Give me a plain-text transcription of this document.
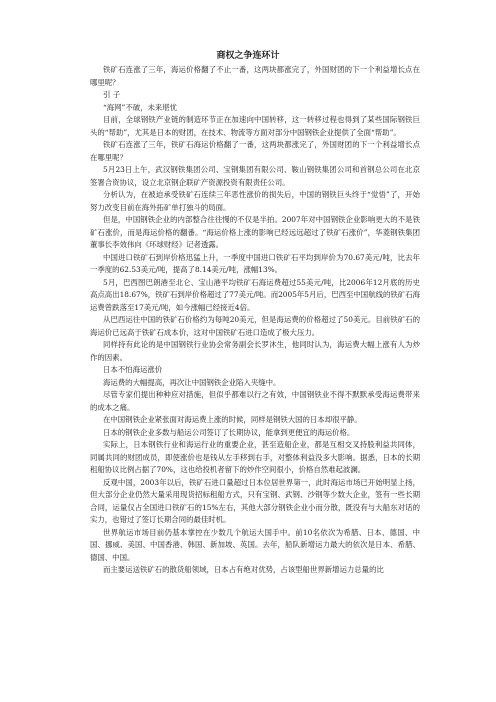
商权之争连环计

铁矿石连涨了三年，海运价格翻了不止一番，这两块都涨完了，外国财团的下一个利益增长点在哪里呢？

引 子

“海网”不破，未来堪忧

目前，全球钢铁产业链的制造环节正在加速向中国转移，这一转移过程也得到了某些国际钢铁巨头的“帮助”，尤其是日本的财团，在技术、物流等方面对部分中国钢铁企业提供了全面“帮助”。

铁矿石连涨了三年，铁矿石海运价格翻了一番，这两块都涨完了，外国财团的下一个利益增长点在哪里呢？

5月23日上午，武汉钢铁集团公司、宝钢集团有限公司、鞍山钢铁集团公司和首钢总公司在北京签署合资协议，设立北京钢企联矿产资源投资有限责任公司。

分析认为，在被迫承受铁矿石连续三年恶性涨价的损失后，中国的钢铁巨头终于“觉悟”了，开始努力改变目前在海外拓矿单打独斗的局面。

但是，中国钢铁企业的内部整合往往慢的不仅是半拍。2007年对中国钢铁企业影响更大的不是铁矿石涨价，而是海运价格的翻番。“海运价格上涨的影响已经远远超过了铁矿石涨价”，华菱钢铁集团董事长李效伟向《环球财经》记者透露。

中国进口铁矿石到岸价格迅猛上升，一季度中国进口铁矿石平均到岸价为70.67美元/吨，比去年一季度的62.53美元/吨，提高了8.14美元/吨，涨幅13%。

5月，巴西图巴朗港至北仑、宝山港平均铁矿石海运费超过55美元/吨，比2006年12月底的历史高点高出18.67%，铁矿石到岸价格超过了77美元/吨。而2005年5月后，巴西至中国航线的铁矿石海运费曾跌落至17美元/吨，如今涨幅已经接近4倍。

从巴西运往中国的铁矿石价格约为每吨20美元，但是海运费的价格超过了50美元。目前铁矿石的海运价已远高于铁矿石成本价，这对中国铁矿石进口造成了极大压力。

同样持有此论的是中国钢铁行业协会常务副会长罗沐生，他同时认为，海运费大幅上涨有人为炒作的因素。

日本不怕海运涨价

海运费的大幅提高，再次让中国钢铁企业陷入夹缝中。

尽管专家们提出种种应对措施，但似乎都难以行之有效，中国钢铁业不得不默默承受海运费带来的成本之痛。

在中国钢铁企业紧张面对海运费上涨的时候，同样是钢铁大国的日本却很平静。

日本的钢铁企业多数与船运公司签订了长期协议，能拿到更便宜的海运价格。

实际上，日本钢铁行业和海运行业的重要企业，甚至造船企业，都是互相交叉持股利益共同体，同属共同的财团成员，即使涨价也是钱从左手移到右手，对整体利益没多大影响。据悉，日本的长期租船协议比例占据了70%，这也给投机者留下的炒作空间很小，价格自然难起波澜。

反观中国，2003年以后，铁矿石进口量超过日本位居世界第一，此时海运市场已开始明显上扬，但大部分企业仍然大量采用现货招标租船方式，只有宝钢、武钢、沙钢等少数大企业，签有一些长期合同，运量仅占全国进口铁矿石的15%左右，其他大部分钢铁企业小而分散，既没有与大船东对话的实力，也错过了签订长期合同的最佳时机。

世界航运市场目前仍基本掌控在少数几个航运大国手中。前10名依次为希腊、日本、德国、中国、挪威、美国、中国香港、韩国、新加坡、英国。去年，船队新增运力最大的依次是日本、希腊、德国、中国。

而主要运送铁矿石的散货船领域，日本占有绝对优势，占该型船世界新增运力总量的比
